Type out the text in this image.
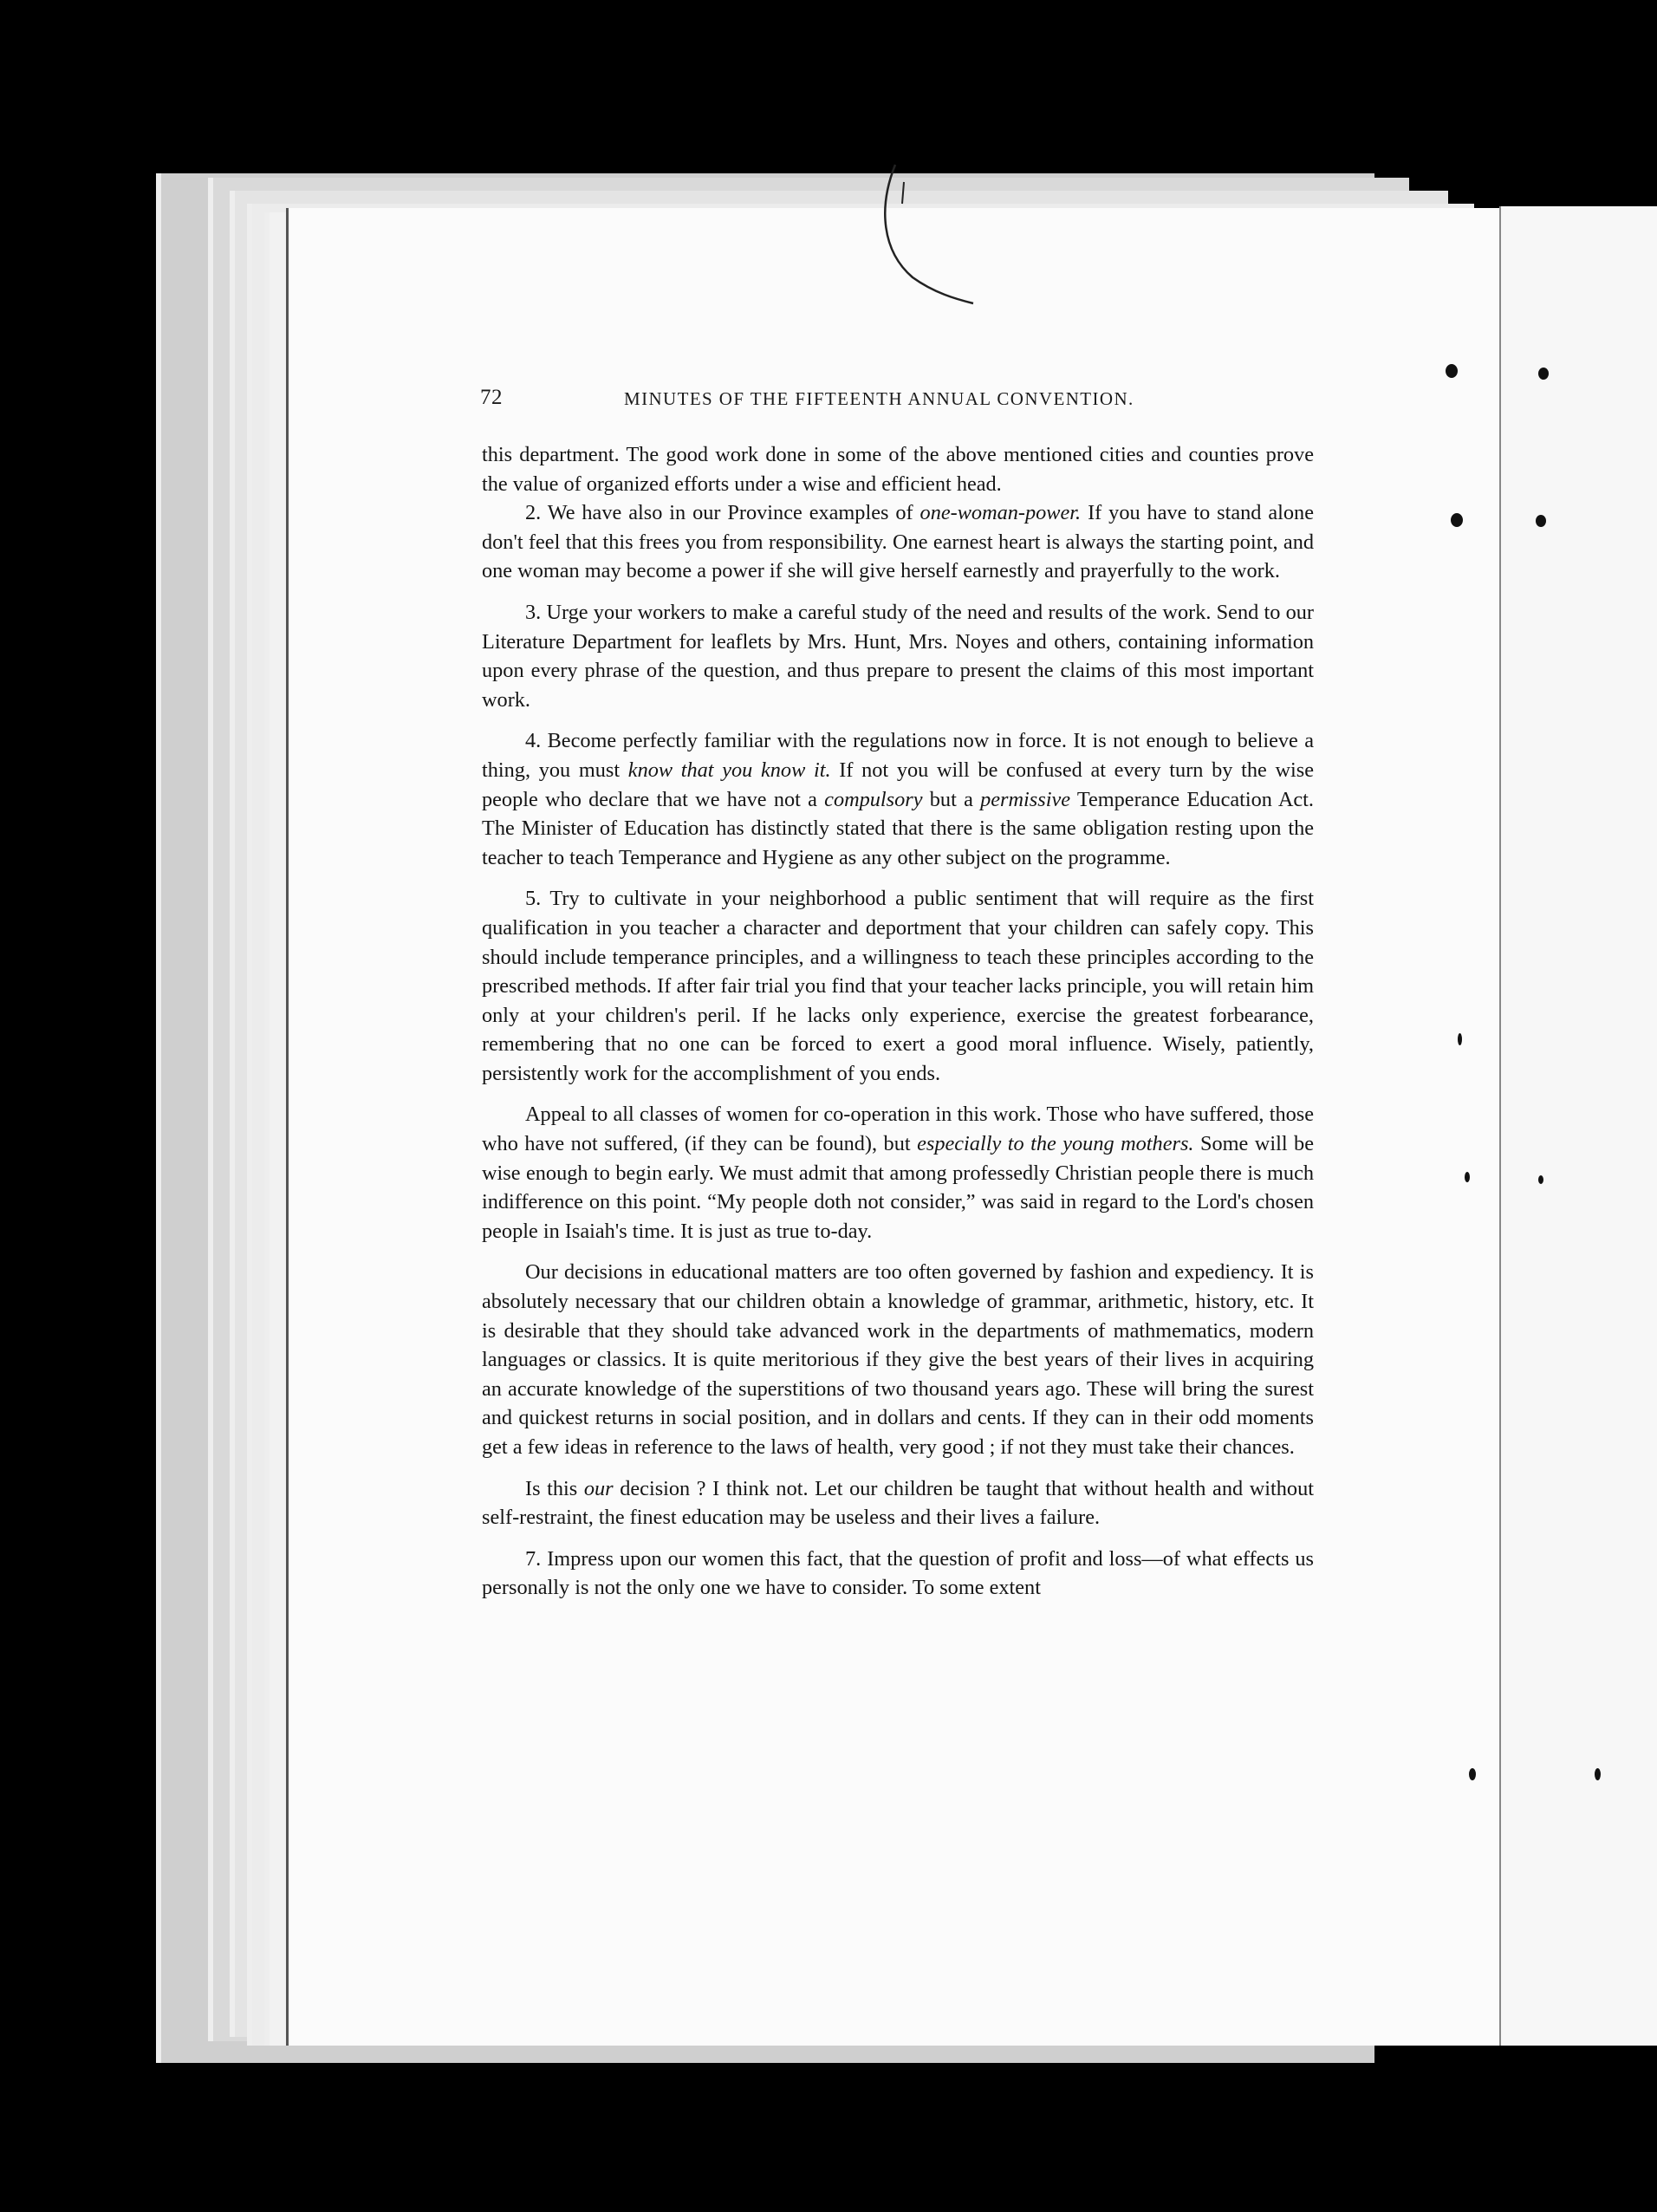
72	MINUTES OF THE FIFTEENTH ANNUAL CONVENTION.

this department. The good work done in some of the above mentioned cities and counties prove the value of organized efforts under a wise and efficient head.

2. We have also in our Province examples of one-woman-power. If you have to stand alone don't feel that this frees you from responsibility. One earnest heart is always the starting point, and one woman may become a power if she will give herself earnestly and prayerfully to the work.

3. Urge your workers to make a careful study of the need and results of the work. Send to our Literature Department for leaflets by Mrs. Hunt, Mrs. Noyes and others, containing information upon every phrase of the question, and thus prepare to present the claims of this most important work.

4. Become perfectly familiar with the regulations now in force. It is not enough to believe a thing, you must know that you know it. If not you will be confused at every turn by the wise people who declare that we have not a compulsory but a permissive Temperance Education Act. The Minister of Education has distinctly stated that there is the same obligation resting upon the teacher to teach Temperance and Hygiene as any other subject on the programme.

5. Try to cultivate in your neighborhood a public sentiment that will require as the first qualification in you teacher a character and deportment that your children can safely copy. This should include temperance principles, and a willingness to teach these principles according to the prescribed methods. If after fair trial you find that your teacher lacks principle, you will retain him only at your children's peril. If he lacks only experience, exercise the greatest forbearance, remembering that no one can be forced to exert a good moral influence. Wisely, patiently, persistently work for the accomplishment of you ends.

Appeal to all classes of women for co-operation in this work. Those who have suffered, those who have not suffered, (if they can be found), but especially to the young mothers. Some will be wise enough to begin early. We must admit that among professedly Christian people there is much indifference on this point. “My people doth not consider,” was said in regard to the Lord's chosen people in Isaiah's time. It is just as true to-day.

Our decisions in educational matters are too often governed by fashion and expediency. It is absolutely necessary that our children obtain a knowledge of grammar, arithmetic, history, etc. It is desirable that they should take advanced work in the departments of mathmematics, modern languages or classics. It is quite meritorious if they give the best years of their lives in acquiring an accurate knowledge of the superstitions of two thousand years ago. These will bring the surest and quickest returns in social position, and in dollars and cents. If they can in their odd moments get a few ideas in reference to the laws of health, very good ; if not they must take their chances.

Is this our decision ? I think not. Let our children be taught that without health and without self-restraint, the finest education may be useless and their lives a failure.

7. Impress upon our women this fact, that the question of profit and loss—of what effects us personally is not the only one we have to consider. To some extent
